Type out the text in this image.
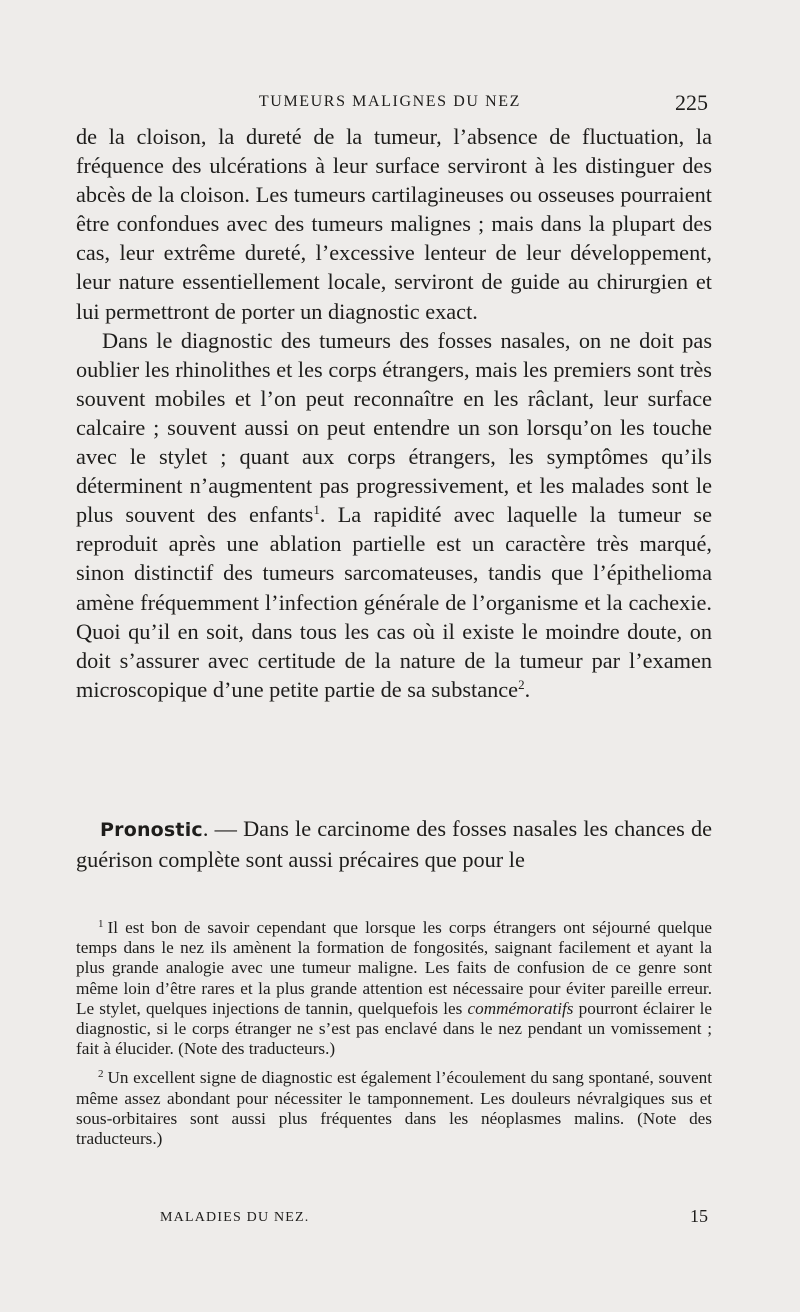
TUMEURS MALIGNES DU NEZ	225

de la cloison, la dureté de la tumeur, l’absence de fluctuation, la fréquence des ulcérations à leur surface serviront à les distinguer des abcès de la cloison. Les tumeurs cartilagineuses ou osseuses pourraient être confondues avec des tumeurs malignes ; mais dans la plupart des cas, leur extrême dureté, l’excessive lenteur de leur développement, leur nature essentiellement locale, serviront de guide au chirurgien et lui permettront de porter un diagnostic exact.

Dans le diagnostic des tumeurs des fosses nasales, on ne doit pas oublier les rhinolithes et les corps étrangers, mais les premiers sont très souvent mobiles et l’on peut reconnaître en les râclant, leur surface calcaire ; souvent aussi on peut entendre un son lorsqu’on les touche avec le stylet ; quant aux corps étrangers, les symptômes qu’ils déterminent n’augmentent pas progressivement, et les malades sont le plus souvent des enfants$^1$. La rapidité avec laquelle la tumeur se reproduit après une ablation partielle est un caractère très marqué, sinon distinctif des tumeurs sarcomateuses, tandis que l’épithelioma amène fréquemment l’infection générale de l’organisme et la cachexie. Quoi qu’il en soit, dans tous les cas où il existe le moindre doute, on doit s’assurer avec certitude de la nature de la tumeur par l’examen microscopique d’une petite partie de sa substance$^2$.

Pronostic. — Dans le carcinome des fosses nasales les chances de guérison complète sont aussi précaires que pour le

$^1$ Il est bon de savoir cependant que lorsque les corps étrangers ont séjourné quelque temps dans le nez ils amènent la formation de fongosités, saignant facilement et ayant la plus grande analogie avec une tumeur maligne. Les faits de confusion de ce genre sont même loin d’être rares et la plus grande attention est nécessaire pour éviter pareille erreur. Le stylet, quelques injections de tannin, quelquefois les commémoratifs pourront éclairer le diagnostic, si le corps étranger ne s’est pas enclavé dans le nez pendant un vomissement ; fait à élucider. (Note des traducteurs.)

$^2$ Un excellent signe de diagnostic est également l’écoulement du sang spontané, souvent même assez abondant pour nécessiter le tamponnement. Les douleurs névralgiques sus et sous-orbitaires sont aussi plus fréquentes dans les néoplasmes malins. (Note des traducteurs.)

MALADIES DU NEZ.	15
